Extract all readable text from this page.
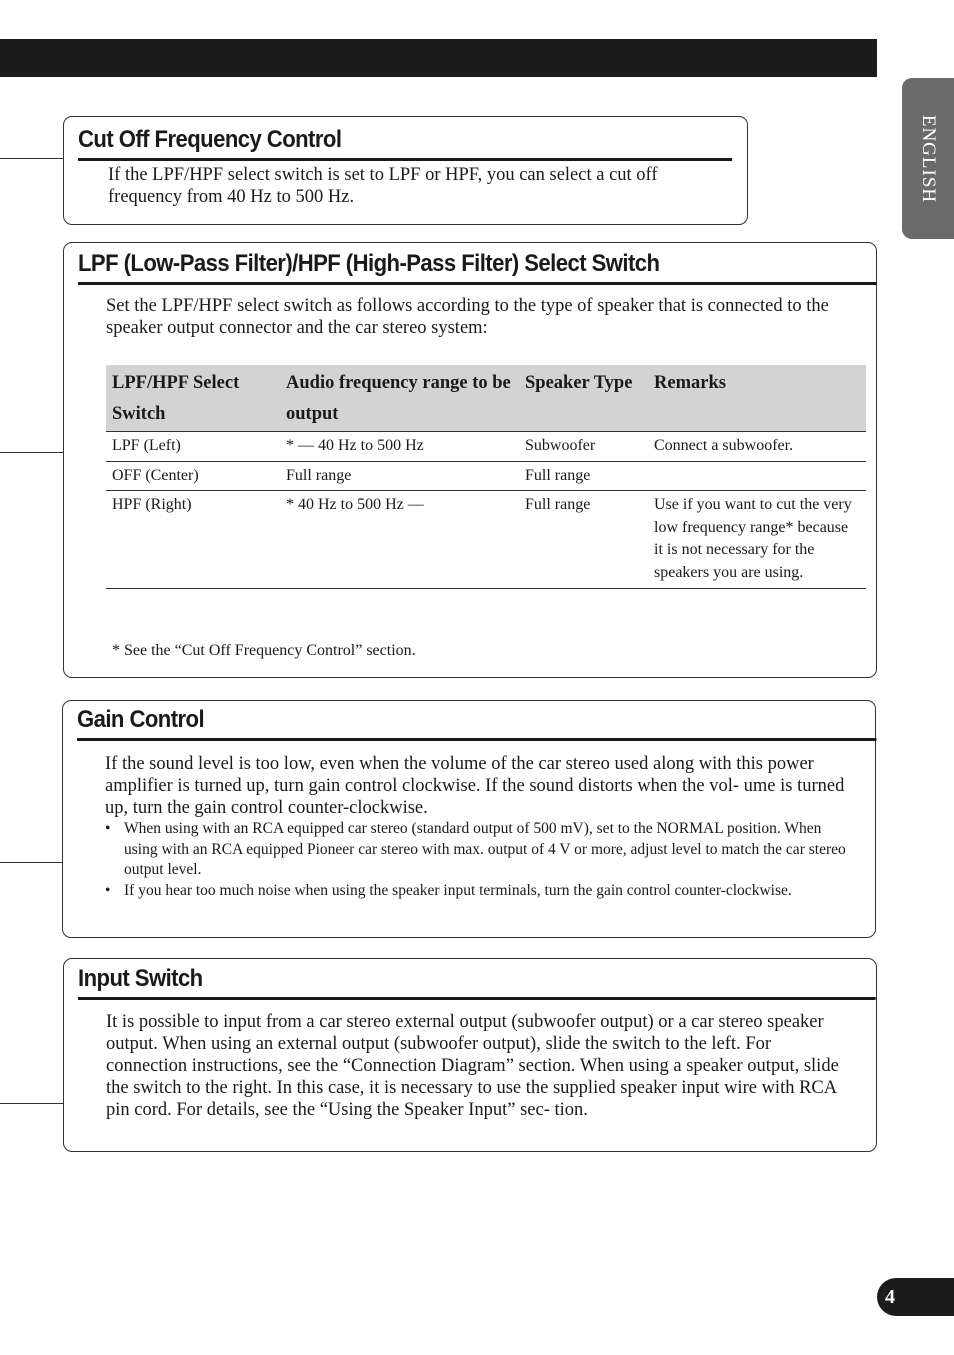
ENGLISH
Cut Off Frequency Control

If the LPF/HPF select switch is set to LPF or HPF, you can select a cut off frequency from 40 Hz to 500 Hz.

LPF (Low-Pass Filter)/HPF (High-Pass Filter) Select Switch

Set the LPF/HPF select switch as follows according to the type of speaker that is connected to the speaker output connector and the car stereo system:

LPF/HPF Select Switch	Audio frequency range to be output	Speaker Type	Remarks
LPF (Left)	* — 40 Hz to 500 Hz	Subwoofer	Connect a subwoofer.
OFF (Center)	Full range	Full range	
HPF (Right)	* 40 Hz to 500 Hz —	Full range	Use if you want to cut the very low frequency range* because it is not necessary for the speakers you are using.

* See the “Cut Off Frequency Control” section.

Gain Control

If the sound level is too low, even when the volume of the car stereo used along with this power amplifier is turned up, turn gain control clockwise. If the sound distorts when the vol- ume is turned up, turn the gain control counter-clockwise.

• When using with an RCA equipped car stereo (standard output of 500 mV), set to the NORMAL position. When using with an RCA equipped Pioneer car stereo with max. output of 4 V or more, adjust level to match the car stereo output level.
• If you hear too much noise when using the speaker input terminals, turn the gain control counter-clockwise.
Input Switch

It is possible to input from a car stereo external output (subwoofer output) or a car stereo speaker output. When using an external output (subwoofer output), slide the switch to the left. For connection instructions, see the “Connection Diagram” section. When using a speaker output, slide the switch to the right. In this case, it is necessary to use the supplied speaker input wire with RCA pin cord. For details, see the “Using the Speaker Input” sec- tion.

4
